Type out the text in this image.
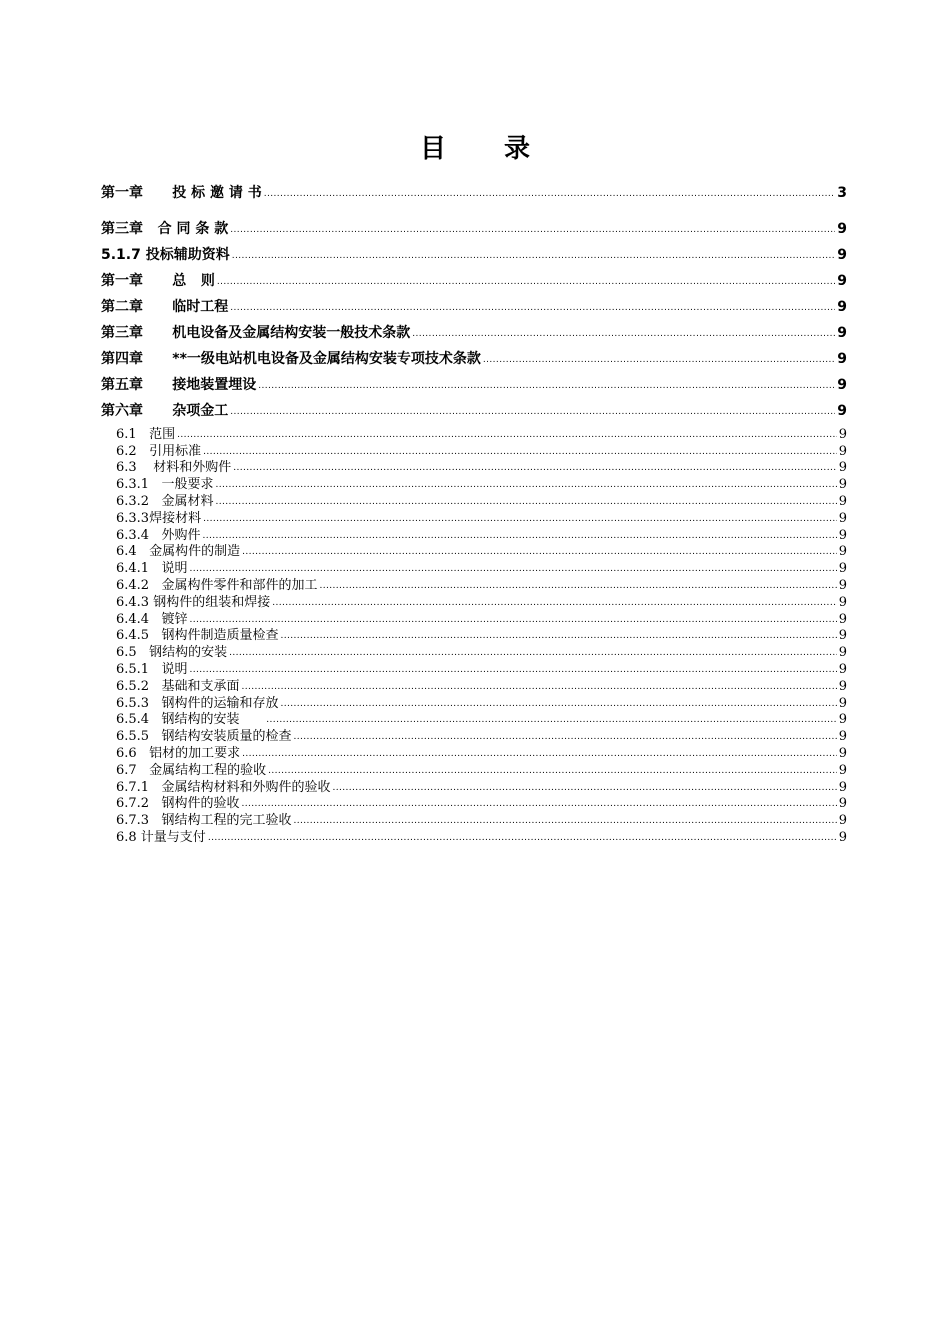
目录
第一章      投 标 邀 请 书 .....	3
第三章   合 同 条 款 .....	9
5.1.7 投标辅助资料 .....	9
第一章      总   则 .....	9
第二章      临时工程 .....	9
第三章      机电设备及金属结构安装一般技术条款 .....	9
第四章      **一级电站机电设备及金属结构安装专项技术条款 .....	9
第五章      接地装置埋设 .....	9
第六章      杂项金工 .....	9
6.1   范围 .....	9
6.2   引用标准 .....	9
6.3    材料和外购件 .....	9
6.3.1   一般要求 .....	9
6.3.2   金属材料 .....	9
6.3.3焊接材料 .....	9
6.3.4   外购件 .....	9
6.4   金属构件的制造 .....	9
6.4.1   说明 .....	9
6.4.2   金属构件零件和部件的加工 .....	9
6.4.3 钢构件的组装和焊接 .....	9
6.4.4   镀锌 .....	9
6.4.5   钢构件制造质量检查 .....	9
6.5   钢结构的安装 .....	9
6.5.1   说明 .....	9
6.5.2   基础和支承面 .....	9
6.5.3   钢构件的运输和存放 .....	9
6.5.4   钢结构的安装 .....	9
6.5.5   钢结构安装质量的检查 .....	9
6.6   铝材的加工要求 .....	9
6.7   金属结构工程的验收 .....	9
6.7.1   金属结构材料和外购件的验收 .....	9
6.7.2   钢构件的验收 .....	9
6.7.3   钢结构工程的完工验收 .....	9
6.8 计量与支付 .....	9
